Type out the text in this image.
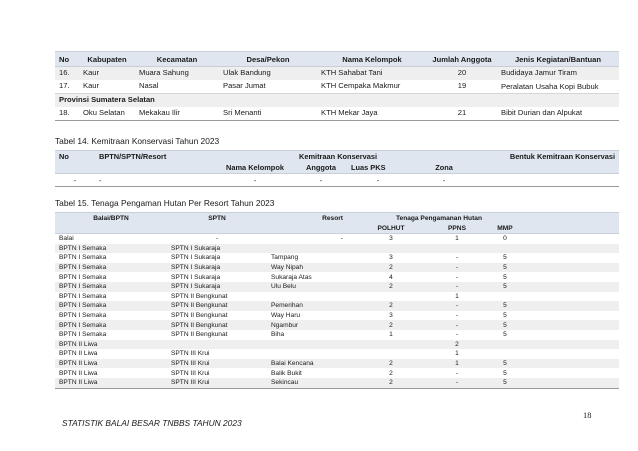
No	Kabupaten	Kecamatan	Desa/Pekon	Nama Kelompok	Jumlah Anggota	Jenis Kegiatan/Bantuan
16.	Kaur	Muara Sahung	Ulak Bandung	KTH Sahabat Tani	20	Budidaya Jamur Tiram
17.	Kaur	Nasal	Pasar Jumat	KTH Cempaka Makmur	19	Peralatan Usaha Kopi Bubuk
Provinsi Sumatera Selatan						
18.	Oku Selatan	Mekakau Ilir	Sri Menanti	KTH Mekar Jaya	21	Bibit Durian dan Alpukat
Tabel 14. Kemitraan Konservasi Tahun 2023
No	BPTN/SPTN/Resort		Kemitraan Konservasi			Bentuk Kemitraan Konservasi
		Nama Kelompok	Anggota	Luas PKS	Zona	
-	-	-	-	-	-	
Tabel 15. Tenaga Pengaman Hutan Per Resort Tahun 2023
Balai/BPTN	SPTN	Resort	Tenaga Pengamanan Hutan			
			POLHUT	PPNS	MMP	
Balai	-	-	3	1	0	
BPTN I Semaka	SPTN I Sukaraja					
BPTN I Semaka	SPTN I Sukaraja	Tampang	3	-	5	
BPTN I Semaka	SPTN I Sukaraja	Way Nipah	2	-	5	
BPTN I Semaka	SPTN I Sukaraja	Sukaraja Atas	4	-	5	
BPTN I Semaka	SPTN I Sukaraja	Ulu Belu	2	-	5	
BPTN I Semaka	SPTN II Bengkunat			1		
BPTN I Semaka	SPTN II Bengkunat	Pemerihan	2	-	5	
BPTN I Semaka	SPTN II Bengkunat	Way Haru	3	-	5	
BPTN I Semaka	SPTN II Bengkunat	Ngambur	2	-	5	
BPTN I Semaka	SPTN II Bengkunat	Biha	1	-	5	
BPTN II Liwa				2		
BPTN II Liwa	SPTN III Krui			1		
BPTN II Liwa	SPTN III Krui	Balai Kencana	2	1	5	
BPTN II Liwa	SPTN III Krui	Balik Bukit	2	-	5	
BPTN II Liwa	SPTN III Krui	Sekincau	2	-	5	
STATISTIK BALAI BESAR TNBBS TAHUN 2023
18
